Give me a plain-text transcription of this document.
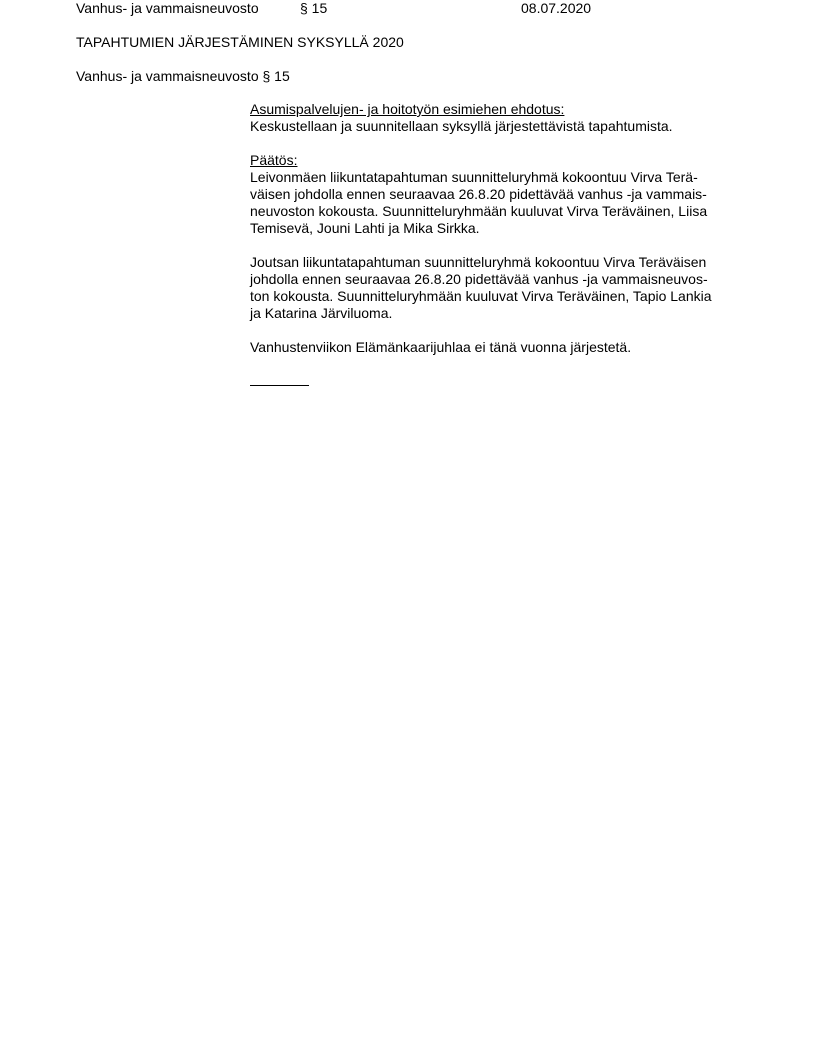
Vanhus- ja vammaisneuvosto	§ 15	08.07.2020
TAPAHTUMIEN JÄRJESTÄMINEN SYKSYLLÄ 2020
Vanhus- ja vammaisneuvosto § 15

Asumispalvelujen- ja hoitotyön esimiehen ehdotus:

Keskustellaan ja suunnitellaan syksyllä järjestettävistä tapahtumista.

Päätös:

Leivonmäen liikuntatapahtuman suunnitteluryhmä kokoontuu Virva Terä-

väisen johdolla ennen seuraavaa 26.8.20 pidettävää vanhus -ja vammais-

neuvoston kokousta. Suunnitteluryhmään kuuluvat Virva Teräväinen, Liisa

Temisevä, Jouni Lahti ja Mika Sirkka.

Joutsan liikuntatapahtuman suunnitteluryhmä kokoontuu Virva Teräväisen

johdolla ennen seuraavaa 26.8.20 pidettävää vanhus -ja vammaisneuvos-

ton kokousta. Suunnitteluryhmään kuuluvat Virva Teräväinen, Tapio Lankia

ja Katarina Järviluoma.

Vanhustenviikon Elämänkaarijuhlaa ei tänä vuonna järjestetä.
